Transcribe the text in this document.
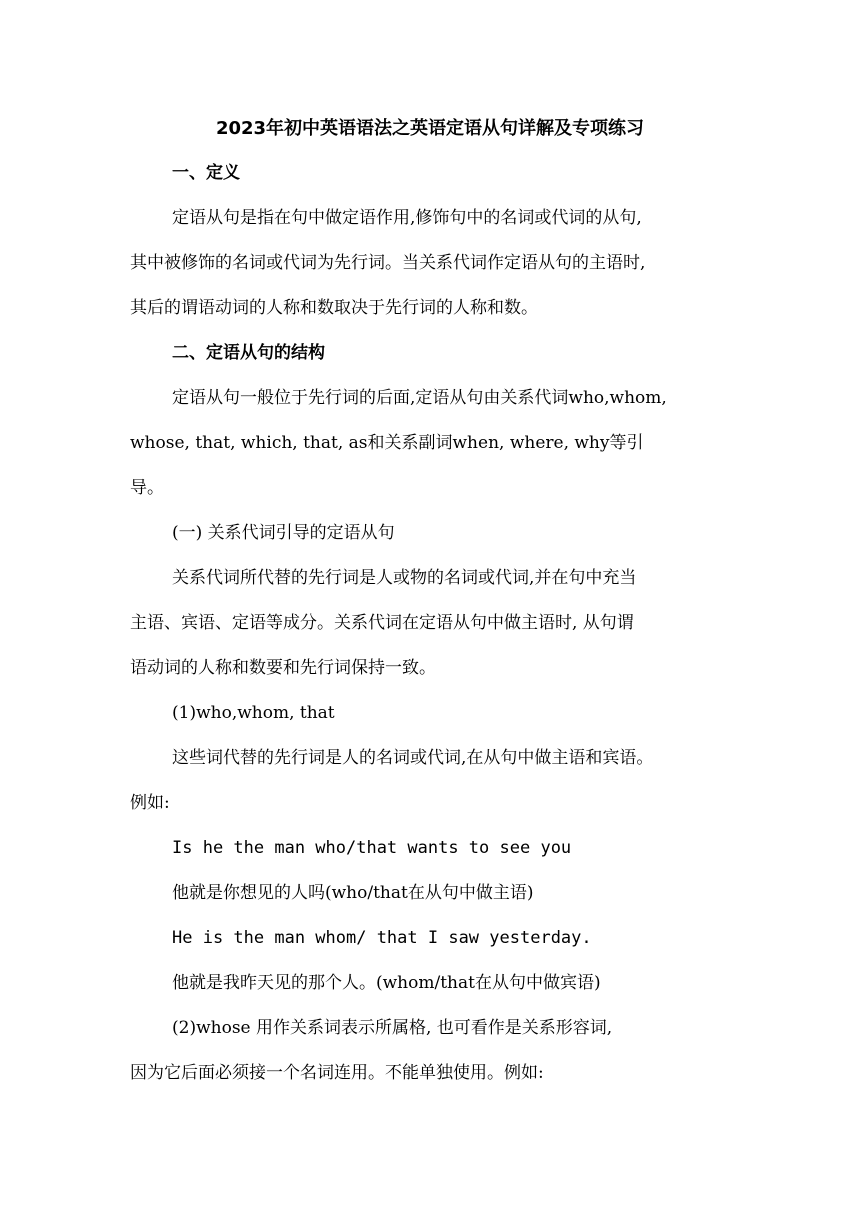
2023年初中英语语法之英语定语从句详解及专项练习
一、定义
定语从句是指在句中做定语作用,修饰句中的名词或代词的从句,
其中被修饰的名词或代词为先行词。当关系代词作定语从句的主语时,
其后的谓语动词的人称和数取决于先行词的人称和数。
二、定语从句的结构
定语从句一般位于先行词的后面,定语从句由关系代词who,whom,
whose, that, which, that, as和关系副词when, where, why等引
导。
(一) 关系代词引导的定语从句
关系代词所代替的先行词是人或物的名词或代词,并在句中充当
主语、宾语、定语等成分。关系代词在定语从句中做主语时, 从句谓
语动词的人称和数要和先行词保持一致。
(1)who,whom, that
这些词代替的先行词是人的名词或代词,在从句中做主语和宾语。
例如:
Is he the man who/that wants to see you
他就是你想见的人吗(who/that在从句中做主语)
He is the man whom/ that I saw yesterday.
他就是我昨天见的那个人。(whom/that在从句中做宾语)
(2)whose 用作关系词表示所属格, 也可看作是关系形容词,
因为它后面必须接一个名词连用。不能单独使用。例如:
